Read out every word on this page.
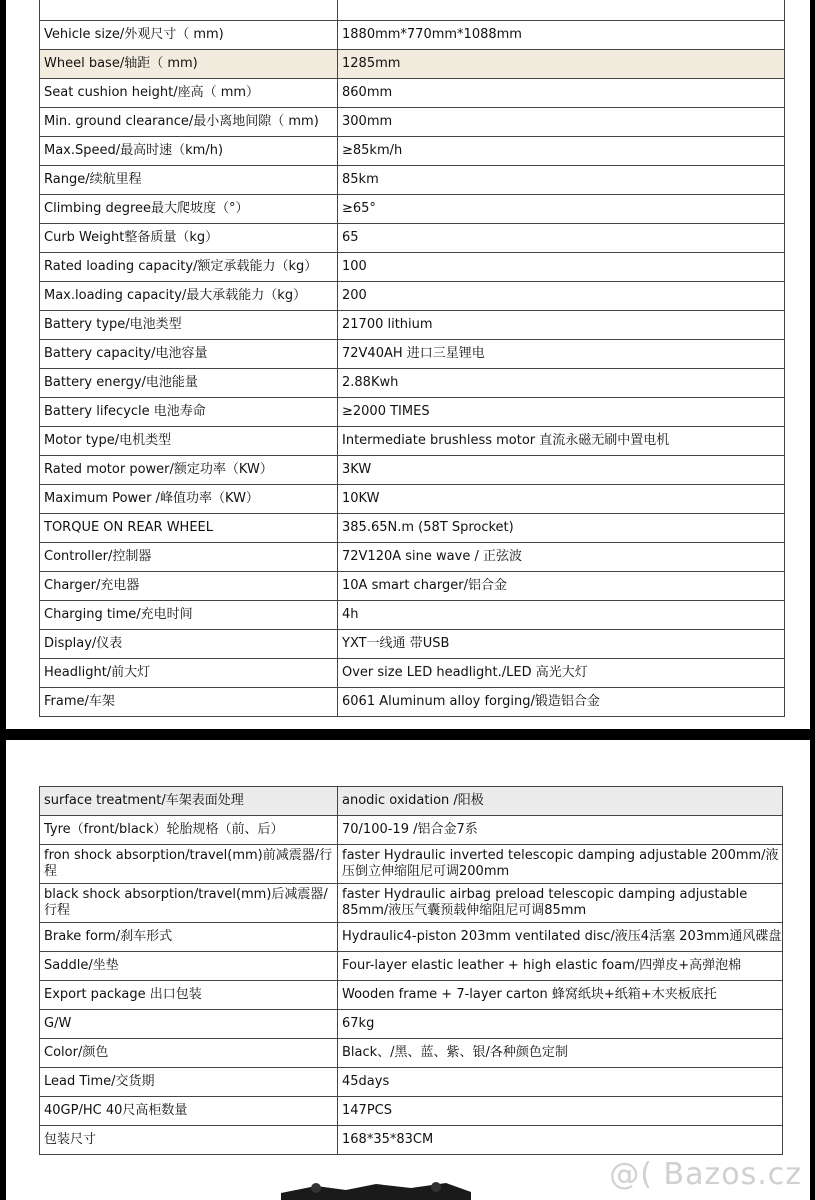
Vehicle size/外观尺寸（ mm)	1880mm*770mm*1088mm
Wheel base/轴距（ mm)	1285mm
Seat cushion height/座高（ mm）	860mm
Min. ground clearance/最小离地间隙（ mm)	300mm
Max.Speed/最高时速（km/h)	≥85km/h
Range/续航里程	85km
Climbing degree最大爬坡度（°）	≥65°
Curb Weight整备质量（kg）	65
Rated loading capacity/额定承载能力（kg）	100
Max.loading capacity/最大承载能力（kg）	200
Battery type/电池类型	21700 lithium
Battery capacity/电池容量	72V40AH 进口三星锂电
Battery energy/电池能量	2.88Kwh
Battery lifecycle 电池寿命	≥2000 TIMES
Motor type/电机类型	Intermediate brushless motor 直流永磁无刷中置电机
Rated motor power/额定功率（KW）	3KW
Maximum Power /峰值功率（KW）	10KW
TORQUE ON REAR WHEEL	385.65N.m (58T Sprocket)
Controller/控制器	72V120A sine wave / 正弦波
Charger/充电器	10A smart charger/铝合金
Charging time/充电时间	4h
Display/仪表	YXT一线通 带USB
Headlight/前大灯	Over size LED headlight./LED 高光大灯
Frame/车架	6061 Aluminum alloy forging/锻造铝合金
surface treatment/车架表面处理	anodic oxidation /阳极
Tyre（front/black）轮胎规格（前、后）	70/100-19 /铝合金7系
fron shock absorption/travel(mm)前减震器/行程	faster Hydraulic inverted telescopic damping adjustable 200mm/液压倒立伸缩阻尼可调200mm
black shock absorption/travel(mm)后减震器/行程	faster Hydraulic airbag preload telescopic damping adjustable 85mm/液压气囊预载伸缩阻尼可调85mm
Brake form/刹车形式	Hydraulic4-piston 203mm ventilated disc/液压4活塞 203mm通风碟盘
Saddle/坐垫	Four-layer elastic leather + high elastic foam/四弹皮+高弹泡棉
Export package 出口包装	Wooden frame + 7-layer carton 蜂窝纸块+纸箱+木夹板底托
G/W	67kg
Color/颜色	Black、/黑、蓝、紫、银/各种颜色定制
Lead Time/交货期	45days
40GP/HC 40尺高柜数量	147PCS
包装尺寸	168*35*83CM
@( Bazos.cz
